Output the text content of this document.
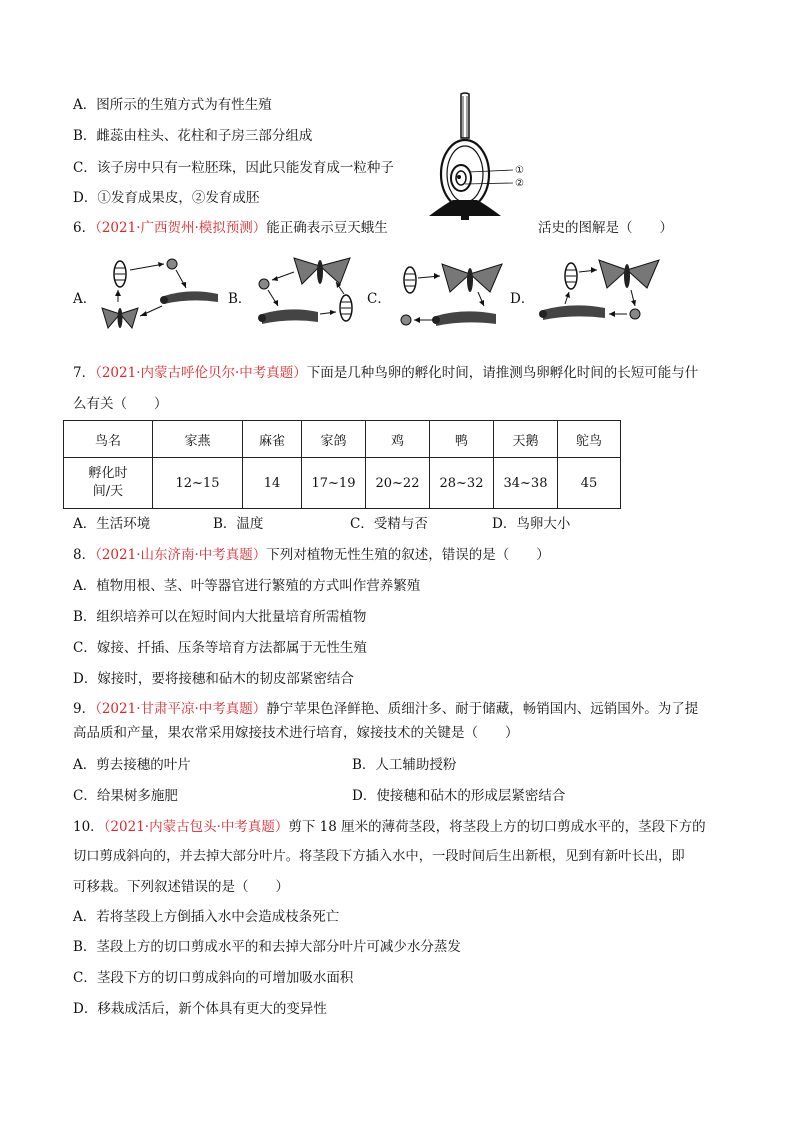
A．图所示的生殖方式为有性生殖
B．雌蕊由柱头、花柱和子房三部分组成
C．该子房中只有一粒胚珠，因此只能发育成一粒种子
D．①发育成果皮，②发育成胚
①
②
6．（2021·广西贺州·模拟预测）能正确表示豆天蛾生	活史的图解是（　　）
A．	B．	C．	D．
7．（2021·内蒙古呼伦贝尔·中考真题）下面是几种鸟卵的孵化时间，请推测鸟卵孵化时间的长短可能与什
么有关（　　）
鸟名	家燕	麻雀	家鸽	鸡	鸭	天鹅	鸵鸟

孵化时
间/天	12~15	14	17~19	20~22	28~32	34~38	45
A．生活环境	B．温度	C．受精与否	D．鸟卵大小
8．（2021·山东济南·中考真题）下列对植物无性生殖的叙述，错误的是（　　）
A．植物用根、茎、叶等器官进行繁殖的方式叫作营养繁殖
B．组织培养可以在短时间内大批量培育所需植物
C．嫁接、扦插、压条等培育方法都属于无性生殖
D．嫁接时，要将接穗和砧木的韧皮部紧密结合
9．（2021·甘肃平凉·中考真题）静宁苹果色泽鲜艳、质细汁多、耐于储藏，畅销国内、远销国外。为了提
高品质和产量，果农常采用嫁接技术进行培育，嫁接技术的关键是（　　）
A．剪去接穗的叶片	B．人工辅助授粉
C．给果树多施肥	D．使接穗和砧木的形成层紧密结合
10．（2021·内蒙古包头·中考真题）剪下 18 厘米的薄荷茎段，将茎段上方的切口剪成水平的，茎段下方的
切口剪成斜向的，并去掉大部分叶片。将茎段下方插入水中，一段时间后生出新根，见到有新叶长出，即
可移栽。下列叙述错误的是（　　）
A．若将茎段上方倒插入水中会造成枝条死亡
B．茎段上方的切口剪成水平的和去掉大部分叶片可减少水分蒸发
C．茎段下方的切口剪成斜向的可增加吸水面积
D．移栽成活后，新个体具有更大的变异性
